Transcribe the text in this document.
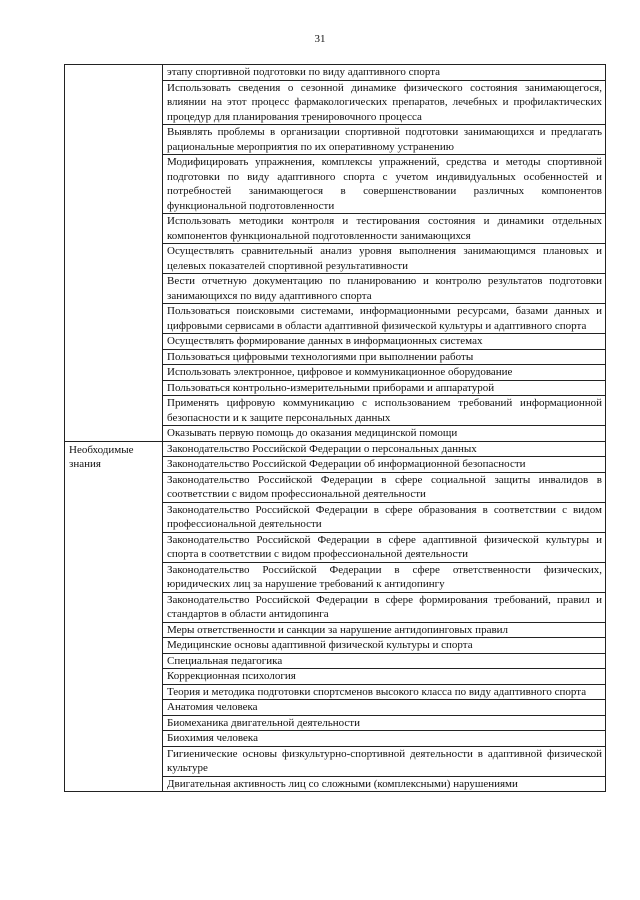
31
	этапу спортивной подготовки по виду адаптивного спорта
	Использовать сведения о сезонной динамике физического состояния занимающегося, влиянии на этот процесс фармакологических препаратов, лечебных и профилактических процедур для планирования тренировочного процесса
	Выявлять проблемы в организации спортивной подготовки занимающихся и предлагать рациональные мероприятия по их оперативному устранению
	Модифицировать упражнения, комплексы упражнений, средства и методы спортивной подготовки по виду адаптивного спорта с учетом индивидуальных особенностей и потребностей занимающегося в совершенствовании различных компонентов функциональной подготовленности
	Использовать методики контроля и тестирования состояния и динамики отдельных компонентов функциональной подготовленности занимающихся
	Осуществлять сравнительный анализ уровня выполнения занимающимся плановых и целевых показателей спортивной результативности
	Вести отчетную документацию по планированию и контролю результатов подготовки занимающихся по виду адаптивного спорта
	Пользоваться поисковыми системами, информационными ресурсами, базами данных и цифровыми сервисами в области адаптивной физической культуры и адаптивного спорта
	Осуществлять формирование данных в информационных системах
	Пользоваться цифровыми технологиями при выполнении работы
	Использовать электронное, цифровое и коммуникационное оборудование
	Пользоваться контрольно-измерительными приборами и аппаратурой
	Применять цифровую коммуникацию с использованием требований информационной безопасности и к защите персональных данных
	Оказывать первую помощь до оказания медицинской помощи
Необходимые знания	Законодательство Российской Федерации о персональных данных
	Законодательство Российской Федерации об информационной безопасности
	Законодательство Российской Федерации в сфере социальной защиты инвалидов в соответствии с видом профессиональной деятельности
	Законодательство Российской Федерации в сфере образования в соответствии с видом профессиональной деятельности
	Законодательство Российской Федерации в сфере адаптивной физической культуры и спорта в соответствии с видом профессиональной деятельности
	Законодательство Российской Федерации в сфере ответственности физических, юридических лиц за нарушение требований к антидопингу
	Законодательство Российской Федерации в сфере формирования требований, правил и стандартов в области антидопинга
	Меры ответственности и санкции за нарушение антидопинговых правил
	Медицинские основы адаптивной физической культуры и спорта
	Специальная педагогика
	Коррекционная психология
	Теория и методика подготовки спортсменов высокого класса по виду адаптивного спорта
	Анатомия человека
	Биомеханика двигательной деятельности
	Биохимия человека
	Гигиенические основы физкультурно-спортивной деятельности в адаптивной физической культуре
	Двигательная активность лиц со сложными (комплексными) нарушениями
